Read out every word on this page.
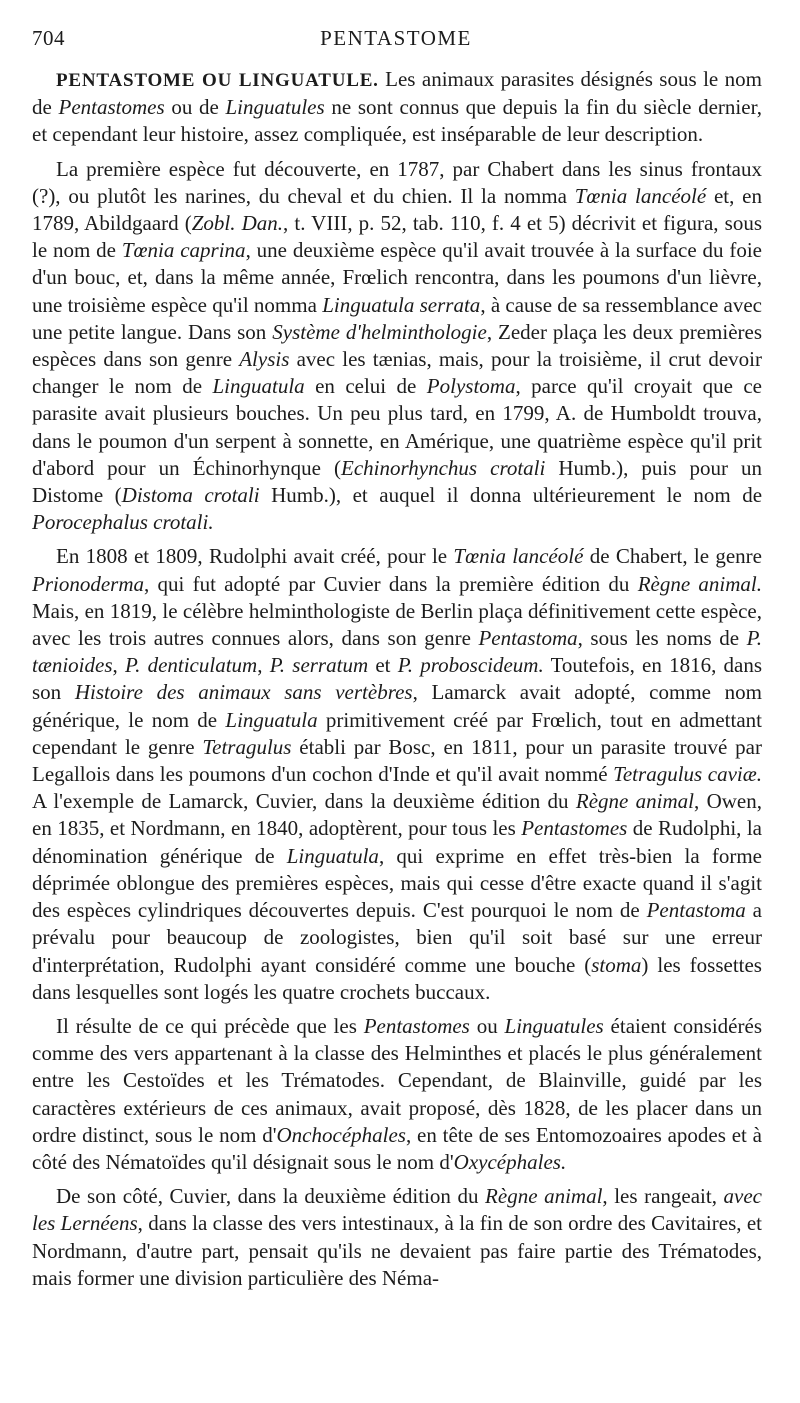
704	PENTASTOME

PENTASTOME OU LINGUATULE. Les animaux parasites désignés sous le nom de Pentastomes ou de Linguatules ne sont connus que depuis la fin du siècle dernier, et cependant leur histoire, assez compliquée, est inséparable de leur description.

La première espèce fut découverte, en 1787, par Chabert dans les sinus frontaux (?), ou plutôt les narines, du cheval et du chien. Il la nomma Tœnia lancéolé et, en 1789, Abildgaard (Zobl. Dan., t. VIII, p. 52, tab. 110, f. 4 et 5) décrivit et figura, sous le nom de Tœnia caprina, une deuxième espèce qu'il avait trouvée à la surface du foie d'un bouc, et, dans la même année, Frœlich rencontra, dans les poumons d'un lièvre, une troisième espèce qu'il nomma Linguatula serrata, à cause de sa ressemblance avec une petite langue. Dans son Système d'helminthologie, Zeder plaça les deux premières espèces dans son genre Alysis avec les tænias, mais, pour la troisième, il crut devoir changer le nom de Linguatula en celui de Polystoma, parce qu'il croyait que ce parasite avait plusieurs bouches. Un peu plus tard, en 1799, A. de Humboldt trouva, dans le poumon d'un serpent à sonnette, en Amérique, une quatrième espèce qu'il prit d'abord pour un Échinorhynque (Echinorhynchus crotali Humb.), puis pour un Distome (Distoma crotali Humb.), et auquel il donna ultérieurement le nom de Porocephalus crotali.

En 1808 et 1809, Rudolphi avait créé, pour le Tœnia lancéolé de Chabert, le genre Prionoderma, qui fut adopté par Cuvier dans la première édition du Règne animal. Mais, en 1819, le célèbre helminthologiste de Berlin plaça définitivement cette espèce, avec les trois autres connues alors, dans son genre Pentastoma, sous les noms de P. tænioides, P. denticulatum, P. serratum et P. proboscideum. Toutefois, en 1816, dans son Histoire des animaux sans vertèbres, Lamarck avait adopté, comme nom générique, le nom de Linguatula primitivement créé par Frœlich, tout en admettant cependant le genre Tetragulus établi par Bosc, en 1811, pour un parasite trouvé par Legallois dans les poumons d'un cochon d'Inde et qu'il avait nommé Tetragulus caviæ. A l'exemple de Lamarck, Cuvier, dans la deuxième édition du Règne animal, Owen, en 1835, et Nordmann, en 1840, adoptèrent, pour tous les Pentastomes de Rudolphi, la dénomination générique de Linguatula, qui exprime en effet très-bien la forme déprimée oblongue des premières espèces, mais qui cesse d'être exacte quand il s'agit des espèces cylindriques découvertes depuis. C'est pourquoi le nom de Pentastoma a prévalu pour beaucoup de zoologistes, bien qu'il soit basé sur une erreur d'interprétation, Rudolphi ayant considéré comme une bouche (stoma) les fossettes dans lesquelles sont logés les quatre crochets buccaux.

Il résulte de ce qui précède que les Pentastomes ou Linguatules étaient considérés comme des vers appartenant à la classe des Helminthes et placés le plus généralement entre les Cestoïdes et les Trématodes. Cependant, de Blainville, guidé par les caractères extérieurs de ces animaux, avait proposé, dès 1828, de les placer dans un ordre distinct, sous le nom d'Onchocéphales, en tête de ses Entomozoaires apodes et à côté des Nématoïdes qu'il désignait sous le nom d'Oxycéphales.

De son côté, Cuvier, dans la deuxième édition du Règne animal, les rangeait, avec les Lernéens, dans la classe des vers intestinaux, à la fin de son ordre des Cavitaires, et Nordmann, d'autre part, pensait qu'ils ne devaient pas faire partie des Trématodes, mais former une division particulière des Néma-
